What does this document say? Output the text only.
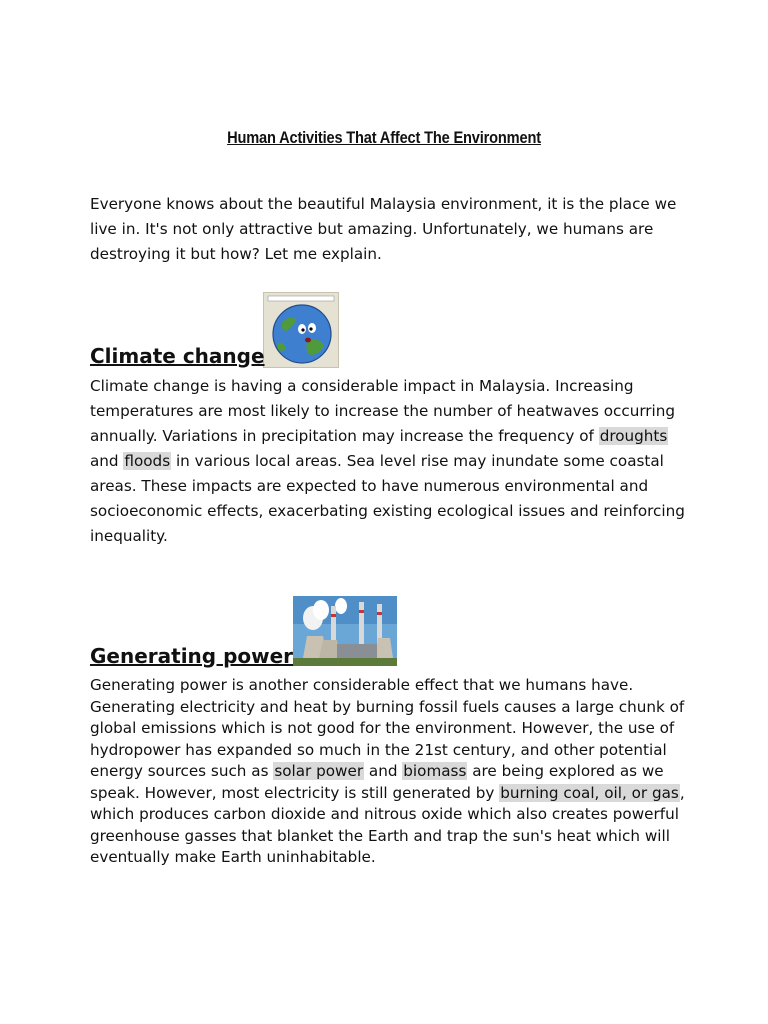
Human Activities That Affect The Environment
Everyone knows about the beautiful Malaysia environment, it is the place we live in. It's not only attractive but amazing. Unfortunately, we humans are destroying it but how? Let me explain.
Climate change
Climate change is having a considerable impact in Malaysia. Increasing temperatures are most likely to increase the number of heatwaves occurring annually. Variations in precipitation may increase the frequency of droughts and floods in various local areas. Sea level rise may inundate some coastal areas. These impacts are expected to have numerous environmental and socioeconomic effects, exacerbating existing ecological issues and reinforcing inequality.
Generating power
Generating power is another considerable effect that we humans have. Generating electricity and heat by burning fossil fuels causes a large chunk of global emissions which is not good for the environment. However, the use of hydropower has expanded so much in the 21st century, and other potential energy sources such as solar power and biomass are being explored as we speak. However, most electricity is still generated by burning coal, oil, or gas, which produces carbon dioxide and nitrous oxide which also creates powerful greenhouse gasses that blanket the Earth and trap the sun's heat which will eventually make Earth uninhabitable.
